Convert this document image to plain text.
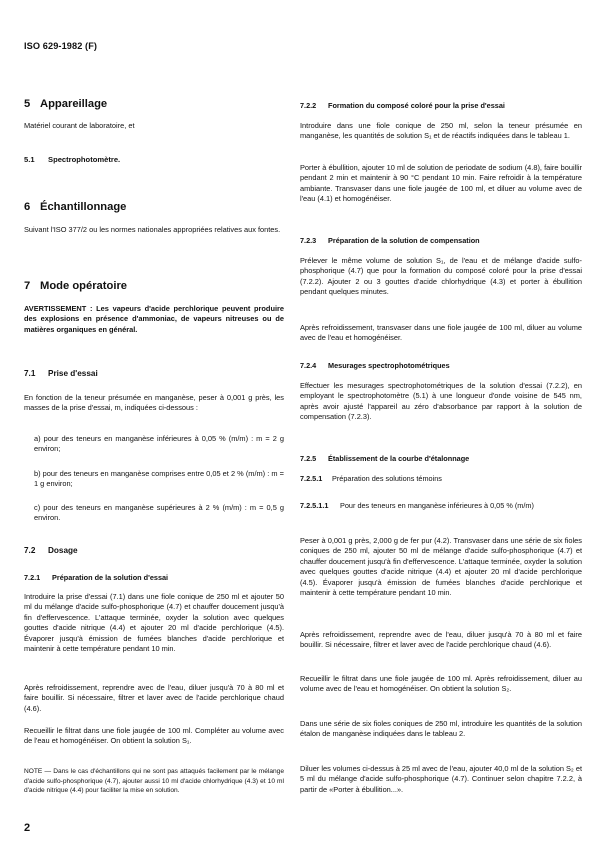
ISO 629-1982 (F)
5 Appareillage

Matériel courant de laboratoire, et

5.1 Spectrophotomètre.
6 Échantillonnage

Suivant l'ISO 377/2 ou les normes nationales appropriées relatives aux fontes.

7 Mode opératoire

AVERTISSEMENT : Les vapeurs d'acide perchlorique peuvent produire des explosions en présence d'ammoniac, de vapeurs nitreuses ou de matières organiques en général.

7.1 Prise d'essai

En fonction de la teneur présumée en manganèse, peser à 0,001 g près, les masses de la prise d'essai, m, indiquées ci-dessous :

a) pour des teneurs en manganèse inférieures à 0,05 % (m/m) : m = 2 g environ;

b) pour des teneurs en manganèse comprises entre 0,05 et 2 % (m/m) : m = 1 g environ;

c) pour des teneurs en manganèse supérieures à 2 % (m/m) : m = 0,5 g environ.

7.2 Dosage
7.2.1 Préparation de la solution d'essai

Introduire la prise d'essai (7.1) dans une fiole conique de 250 ml et ajouter 50 ml du mélange d'acide sulfo-phosphorique (4.7) et chauffer doucement jusqu'à fin d'effervescence. L'attaque terminée, oxyder la solution avec quelques gouttes d'acide nitrique (4.4) et ajouter 20 ml d'acide perchlorique (4.5). Évaporer jusqu'à émission de fumées blanches d'acide perchlorique et maintenir à cette température pendant 10 min.

Après refroidissement, reprendre avec de l'eau, diluer jusqu'à 70 à 80 ml et faire bouillir. Si nécessaire, filtrer et laver avec de l'acide perchlorique chaud (4.6).

Recueillir le filtrat dans une fiole jaugée de 100 ml. Compléter au volume avec de l'eau et homogénéiser. On obtient la solution S₁.

NOTE — Dans le cas d'échantillons qui ne sont pas attaqués facilement par le mélange d'acide sulfo-phosphorique (4.7), ajouter aussi 10 ml d'acide chlorhydrique (4.3) et 10 ml d'acide nitrique (4.4) pour faciliter la mise en solution.

2
7.2.2 Formation du composé coloré pour la prise d'essai

Introduire dans une fiole conique de 250 ml, selon la teneur présumée en manganèse, les quantités de solution S₁ et de réactifs indiquées dans le tableau 1.

Porter à ébullition, ajouter 10 ml de solution de periodate de sodium (4.8), faire bouillir pendant 2 min et maintenir à 90 °C pendant 10 min. Faire refroidir à la température ambiante. Transvaser dans une fiole jaugée de 100 ml, et diluer au volume avec de l'eau (4.1) et homogénéiser.

7.2.3 Préparation de la solution de compensation

Prélever le même volume de solution S₁, de l'eau et de mélange d'acide sulfo-phosphorique (4.7) que pour la formation du composé coloré pour la prise d'essai (7.2.2). Ajouter 2 ou 3 gouttes d'acide chlorhydrique (4.3) et porter à ébullition pendant quelques minutes.

Après refroidissement, transvaser dans une fiole jaugée de 100 ml, diluer au volume avec de l'eau et homogénéiser.

7.2.4 Mesurages spectrophotométriques

Effectuer les mesurages spectrophotométriques de la solution d'essai (7.2.2), en employant le spectrophotomètre (5.1) à une longueur d'onde voisine de 545 nm, après avoir ajusté l'appareil au zéro d'absorbance par rapport à la solution de compensation (7.2.3).

7.2.5 Établissement de la courbe d'étalonnage
7.2.5.1 Préparation des solutions témoins
7.2.5.1.1 Pour des teneurs en manganèse inférieures à 0,05 % (m/m)

Peser à 0,001 g près, 2,000 g de fer pur (4.2). Transvaser dans une série de six fioles coniques de 250 ml, ajouter 50 ml de mélange d'acide sulfo-phosphorique (4.7) et chauffer doucement jusqu'à fin d'effervescence. L'attaque terminée, oxyder la solution avec quelques gouttes d'acide nitrique (4.4) et ajouter 20 ml d'acide perchlorique (4.5). Évaporer jusqu'à émission de fumées blanches d'acide perchlorique et maintenir à cette température pendant 10 min.

Après refroidissement, reprendre avec de l'eau, diluer jusqu'à 70 à 80 ml et faire bouillir. Si nécessaire, filtrer et laver avec de l'acide perchlorique chaud (4.6).

Recueillir le filtrat dans une fiole jaugée de 100 ml. Après refroidissement, diluer au volume avec de l'eau et homogénéiser. On obtient la solution S₂.

Dans une série de six fioles coniques de 250 ml, introduire les quantités de la solution étalon de manganèse indiquées dans le tableau 2.

Diluer les volumes ci-dessus à 25 ml avec de l'eau, ajouter 40,0 ml de la solution S₂ et 5 ml du mélange d'acide sulfo-phosphorique (4.7). Continuer selon chapitre 7.2.2, à partir de «Porter à ébullition...».
